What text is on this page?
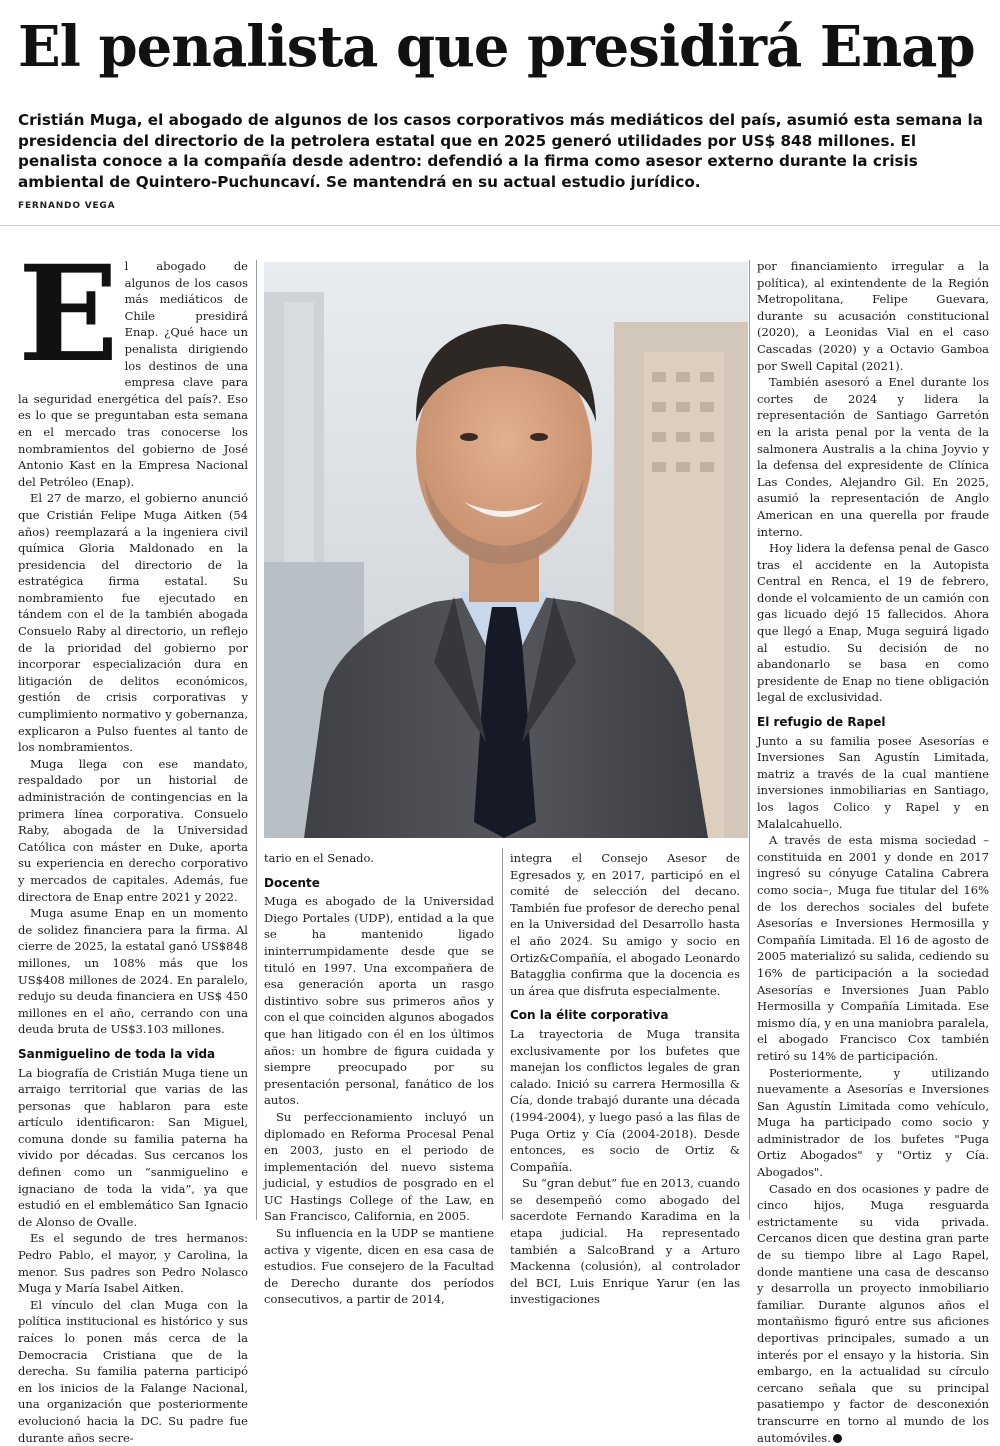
El penalista que presidirá Enap

Cristián Muga, el abogado de algunos de los casos corporativos más mediáticos del país, asumió esta semana la presidencia del directorio de la petrolera estatal que en 2025 generó utilidades por US$ 848 millones. El penalista conoce a la compañía desde adentro: defendió a la firma como asesor externo durante la crisis ambiental de Quintero-Puchuncaví. Se mantendrá en su actual estudio jurídico.

FERNANDO VEGA

E l abogado de algunos de los casos más mediáticos de Chile presidirá Enap. ¿Qué hace un penalista dirigiendo los destinos de una empresa clave para la seguridad energética del país?. Eso es lo que se preguntaban esta semana en el mercado tras conocerse los nombramientos del gobierno de José Antonio Kast en la Empresa Nacional del Petróleo (Enap).

El 27 de marzo, el gobierno anunció que Cristián Felipe Muga Aitken (54 años) reemplazará a la ingeniera civil química Gloria Maldonado en la presidencia del directorio de la estratégica firma estatal. Su nombramiento fue ejecutado en tándem con el de la también abogada Consuelo Raby al directorio, un reflejo de la prioridad del gobierno por incorporar especialización dura en litigación de delitos económicos, gestión de crisis corporativas y cumplimiento normativo y gobernanza, explicaron a Pulso fuentes al tanto de los nombramientos.

Muga llega con ese mandato, respaldado por un historial de administración de contingencias en la primera línea corporativa. Consuelo Raby, abogada de la Universidad Católica con máster en Duke, aporta su experiencia en derecho corporativo y mercados de capitales. Además, fue directora de Enap entre 2021 y 2022.

Muga asume Enap en un momento de solidez financiera para la firma. Al cierre de 2025, la estatal ganó US$848 millones, un 108% más que los US$408 millones de 2024. En paralelo, redujo su deuda financiera en US$ 450 millones en el año, cerrando con una deuda bruta de US$3.103 millones.

Sanmiguelino de toda la vida

La biografía de Cristián Muga tiene un arraigo territorial que varias de las personas que hablaron para este artículo identificaron: San Miguel, comuna donde su familia paterna ha vivido por décadas. Sus cercanos los definen como un “sanmiguelino e ignaciano de toda la vida”, ya que estudió en el emblemático San Ignacio de Alonso de Ovalle.

Es el segundo de tres hermanos: Pedro Pablo, el mayor, y Carolina, la menor. Sus padres son Pedro Nolasco Muga y María Isabel Aitken.

El vínculo del clan Muga con la política institucional es histórico y sus raíces lo ponen más cerca de la Democracia Cristiana que de la derecha. Su familia paterna participó en los inicios de la Falange Nacional, una organización que posteriormente evolucionó hacia la DC. Su padre fue durante años secre-

tario en el Senado.

Docente

Muga es abogado de la Universidad Diego Portales (UDP), entidad a la que se ha mantenido ligado ininterrumpidamente desde que se tituló en 1997. Una excompañera de esa generación aporta un rasgo distintivo sobre sus primeros años y con el que coinciden algunos abogados que han litigado con él en los últimos años: un hombre de figura cuidada y siempre preocupado por su presentación personal, fanático de los autos.

Su perfeccionamiento incluyó un diplomado en Reforma Procesal Penal en 2003, justo en el periodo de implementación del nuevo sistema judicial, y estudios de posgrado en el UC Hastings College of the Law, en San Francisco, California, en 2005.

Su influencia en la UDP se mantiene activa y vigente, dicen en esa casa de estudios. Fue consejero de la Facultad de Derecho durante dos períodos consecutivos, a partir de 2014,

integra el Consejo Asesor de Egresados y, en 2017, participó en el comité de selección del decano. También fue profesor de derecho penal en la Universidad del Desarrollo hasta el año 2024. Su amigo y socio en Ortiz&Compañía, el abogado Leonardo Bataggliа confirma que la docencia es un área que disfruta especialmente.

Con la élite corporativa

La trayectoria de Muga transita exclusivamente por los bufetes que manejan los conflictos legales de gran calado. Inició su carrera Hermosilla & Cía, donde trabajó durante una década (1994-2004), y luego pasó a las filas de Puga Ortiz y Cía (2004-2018). Desde entonces, es socio de Ortiz & Compañía.

Su “gran debut” fue en 2013, cuando se desempeñó como abogado del sacerdote Fernando Karadima en la etapa judicial. Ha representado también a SalcoBrand y a Arturo Mackenna (colusión), al controlador del BCI, Luis Enrique Yarur (en las investigaciones

por financiamiento irregular a la política), al exintendente de la Región Metropolitana, Felipe Guevara, durante su acusación constitucional (2020), a Leonidas Vial en el caso Cascadas (2020) y a Octavio Gamboa por Swell Capital (2021).

También asesoró a Enel durante los cortes de 2024 y lidera la representación de Santiago Garretón en la arista penal por la venta de la salmonera Australis a la china Joyvio y la defensa del expresidente de Clínica Las Condes, Alejandro Gil. En 2025, asumió la representación de Anglo American en una querella por fraude interno.

Hoy lidera la defensa penal de Gasco tras el accidente en la Autopista Central en Renca, el 19 de febrero, donde el volcamiento de un camión con gas licuado dejó 15 fallecidos. Ahora que llegó a Enap, Muga seguirá ligado al estudio. Su decisión de no abandonarlo se basa en como presidente de Enap no tiene obligación legal de exclusividad.

El refugio de Rapel

Junto a su familia posee Asesorías e Inversiones San Agustín Limitada, matriz a través de la cual mantiene inversiones inmobiliarias en Santiago, los lagos Colico y Rapel y en Malalcahuello.

A través de esta misma sociedad –constituida en 2001 y donde en 2017 ingresó su cónyuge Catalina Cabrera como socia–, Muga fue titular del 16% de los derechos sociales del bufete Asesorías e Inversiones Hermosilla y Compañía Limitada. El 16 de agosto de 2005 materializó su salida, cediendo su 16% de participación a la sociedad Asesorías e Inversiones Juan Pablo Hermosilla y Compañía Limitada. Ese mismo día, y en una maniobra paralela, el abogado Francisco Cox también retiró su 14% de participación.

Posteriormente, y utilizando nuevamente a Asesorías e Inversiones San Agustín Limitada como vehículo, Muga ha participado como socio y administrador de los bufetes "Puga Ortiz Abogados" y "Ortiz y Cía. Abogados".

Casado en dos ocasiones y padre de cinco hijos, Muga resguarda estrictamente su vida privada. Cercanos dicen que destina gran parte de su tiempo libre al Lago Rapel, donde mantiene una casa de descanso y desarrolla un proyecto inmobiliario familiar. Durante algunos años el montañismo figuró entre sus aficiones deportivas principales, sumado a un interés por el ensayo y la historia. Sin embargo, en la actualidad su círculo cercano señala que su principal pasatiempo y factor de desconexión transcurre en torno al mundo de los automóviles.
